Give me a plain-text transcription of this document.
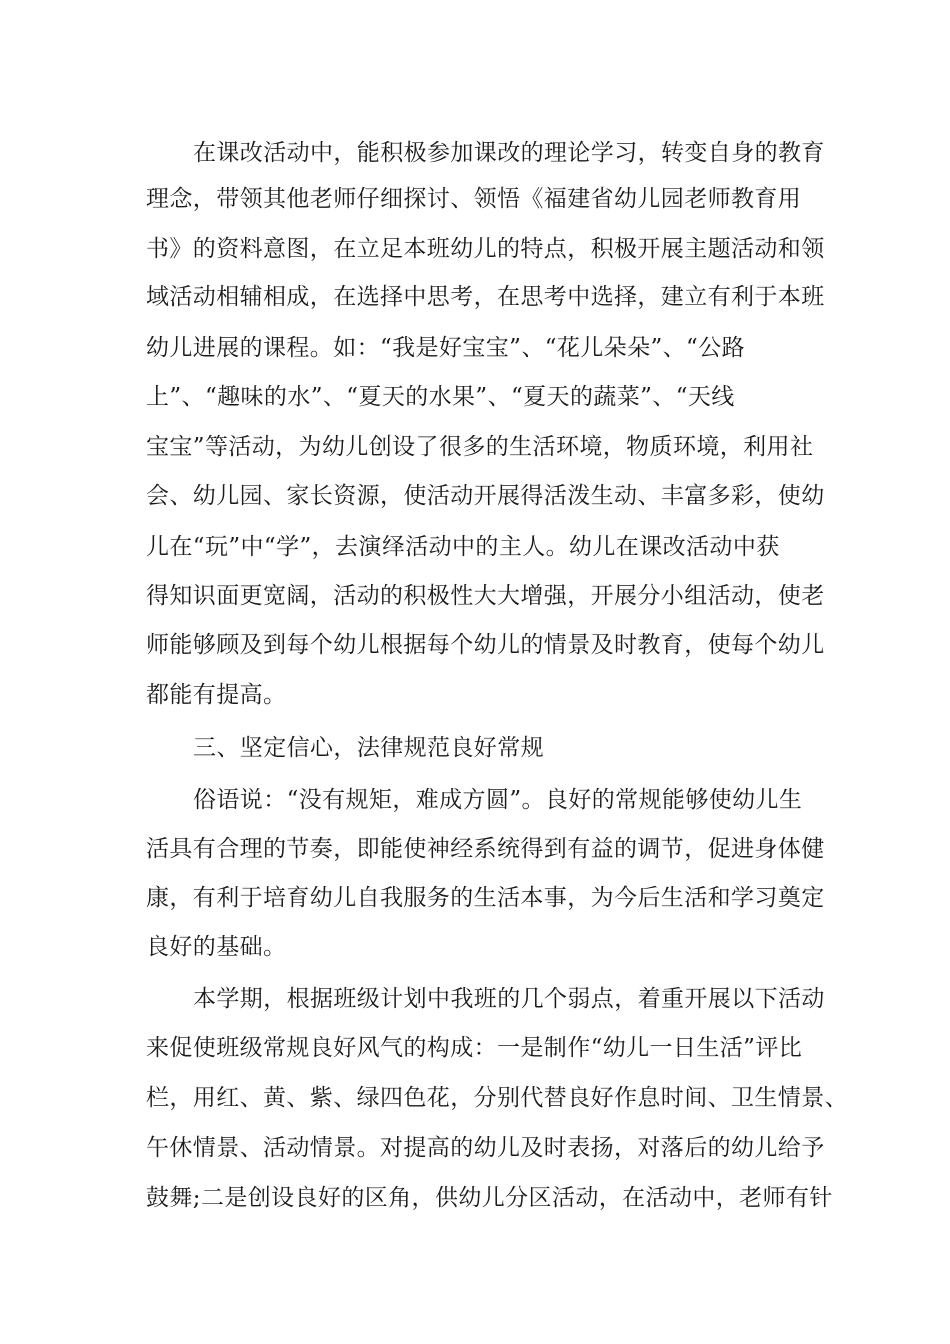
在课改活动中，能积极参加课改的理论学习，转变自身的教育

理念，带领其他老师仔细探讨、领悟《福建省幼儿园老师教育用

书》的资料意图，在立足本班幼儿的特点，积极开展主题活动和领

域活动相辅相成，在选择中思考，在思考中选择，建立有利于本班

幼儿进展的课程。如：“我是好宝宝”、“花儿朵朵”、“公路

上”、“趣味的水”、“夏天的水果”、“夏天的蔬菜”、“天线

宝宝”等活动，为幼儿创设了很多的生活环境，物质环境，利用社

会、幼儿园、家长资源，使活动开展得活泼生动、丰富多彩，使幼

儿在“玩”中“学”，去演绎活动中的主人。幼儿在课改活动中获

得知识面更宽阔，活动的积极性大大增强，开展分小组活动，使老

师能够顾及到每个幼儿根据每个幼儿的情景及时教育，使每个幼儿

都能有提高。

三、坚定信心，法律规范良好常规

俗语说：“没有规矩，难成方圆”。良好的常规能够使幼儿生

活具有合理的节奏，即能使神经系统得到有益的调节，促进身体健

康，有利于培育幼儿自我服务的生活本事，为今后生活和学习奠定

良好的基础。

本学期，根据班级计划中我班的几个弱点，着重开展以下活动

来促使班级常规良好风气的构成：一是制作“幼儿一日生活”评比

栏，用红、黄、紫、绿四色花，分别代替良好作息时间、卫生情景、

午休情景、活动情景。对提高的幼儿及时表扬，对落后的幼儿给予

鼓舞;二是创设良好的区角，供幼儿分区活动，在活动中，老师有针
